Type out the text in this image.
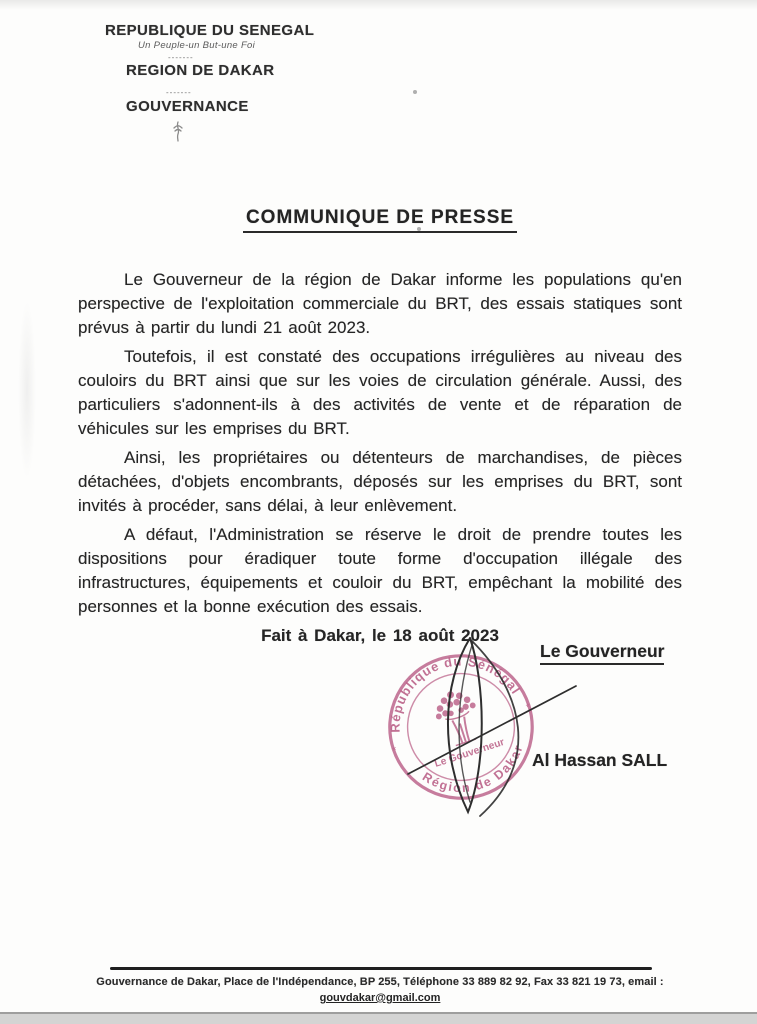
REPUBLIQUE DU SENEGAL
Un Peuple-un But-une Foi
-------
REGION DE DAKAR
-------
GOUVERNANCE
COMMUNIQUE DE PRESSE

Le Gouverneur de la région de Dakar informe les populations qu'en perspective de l'exploitation commerciale du BRT, des essais statiques sont prévus à partir du lundi 21 août 2023.

Toutefois, il est constaté des occupations irrégulières au niveau des couloirs du BRT ainsi que sur les voies de circulation générale. Aussi, des particuliers s'adonnent-ils à des activités de vente et de réparation de véhicules sur les emprises du BRT.

Ainsi, les propriétaires ou détenteurs de marchandises, de pièces détachées, d'objets encombrants, déposés sur les emprises du BRT, sont invités à procéder, sans délai, à leur enlèvement.

A défaut, l'Administration se réserve le droit de prendre toutes les dispositions pour éradiquer toute forme d'occupation illégale des infrastructures, équipements et couloir du BRT, empêchant la mobilité des personnes et la bonne exécution des essais.

Fait à Dakar, le 18 août 2023

Le Gouverneur
République du Sénégal
Région de Dakar
Le Gouverneur
*
*
Al Hassan SALL
Gouvernance de Dakar, Place de l'Indépendance, BP 255, Téléphone 33 889 82 92, Fax 33 821 19 73, email :
gouvdakar@gmail.com
